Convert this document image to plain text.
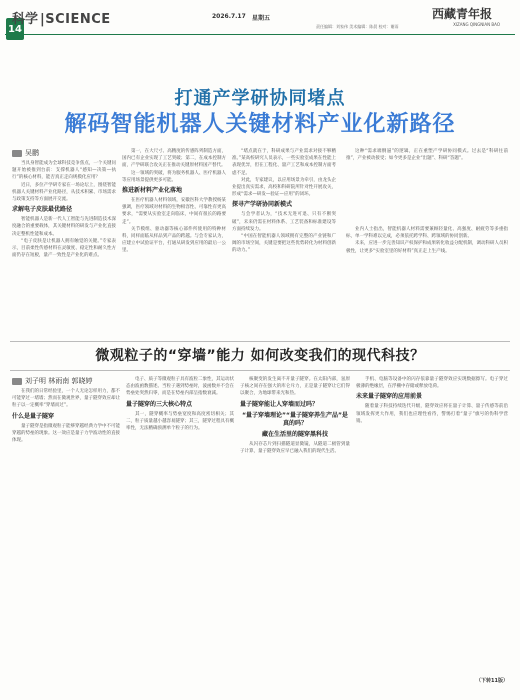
14
科学 |SCIENCE	2026.7.17 星期五	西藏青年报
XIZANG QINGNIAN BAO
责任编辑：刘家伟 美术编辑：陈晨 校对：谢雨
打通产学研协同堵点
解码智能机器人关键材料产业化新路径
吴鹏

当具身智能成为全球科技竞争焦点，一个关键问题开始被推到台前：支撑机器人“感知—决策—执行”的核心材料，能否真正走向规模化应用？

近日，多位产学研专家在一场论坛上，围绕智能机器人关键材料产业化路径，从技术积累、市场需求与政策支持等方面展开交流。

求解电子皮肤最优路径

智能机器人是新一代人工智能与先进制造技术深度融合的重要载体，其关键材料的研发与产业化直接决定整机性能和成本。

“电子皮肤是让机器人拥有触觉的关键。”专家表示，目前柔性传感材料在灵敏度、稳定性和耐久性方面仍存在短板，量产一致性是产业化的难点。

第一，在大尺寸、高精度的传感阵列制造方面，国内已有企业实现了工艺突破；第二，在成本控制方面，产学研联合攻关正在推动关键原材料国产替代。

这一领域的突破，将为服务机器人、医疗机器人等应用场景提供更多可能。

推进新材料产业化落地

在医疗机器人材料领域，安徽医科大学教授杨某强调，医疗领域对材料的生物相容性、可靠性有更高要求，“需要从实验室走向临床，中间有很长的路要走”。

关节模组、驱动器等核心部件所使用的特种材料，同样面临从样品到产品的跨越。与会专家认为，应建立中试验证平台，打通从研发到应用的最后一公里。

“堵点就在于，科研成果与产业需求对接不够精准。”某高校研究人员表示，一些实验室成果在性能上表现优异，但在工程化、量产工艺和成本控制方面考虑不足。

对此，专家建议，以应用场景为牵引，由龙头企业提出真实需求，高校和科研院所针对性开展攻关，形成“需求—研发—验证—应用”的闭环。

探寻产学研协同新模式

与会学者认为，“技术无进可退、只有不断突破”，未来仍需在材料体系、工艺装备和标准建设等方面持续发力。

“中国在智能机器人领域拥有完整的产业链和广阔的市场空间，关键是要把这些优势转化为材料创新的动力。”

这种“需求端倒逼”的逻辑，正在重塑产学研协同模式。过去是“科研往前推”，产业被动接受；如今更多是企业“出题”、科研“答题”。

业内人士指出，智能机器人材料需要兼顾轻量化、高强度、耐疲劳等多重指标，单一学科难以完成，必须依托跨学科、跨领域的协同创新。

未来，应进一步完善知识产权保护和成果转化收益分配机制，调动科研人员积极性，让更多“实验室里的好材料”真正走上生产线。

微观粒子的“穿墙”能力 如何改变我们的现代科技？
刘子明 林雨南 郭晓婷

在我们的日常经验里，一个人无论怎样用力，都不可能穿过一堵墙；然而在微观世界，量子隧穿效应却让粒子以一定概率“穿墙而过”。

什么是量子隧穿

量子隧穿是指微观粒子能够穿越经典力学中不可能穿越的势垒的现象。这一效应是量子力学波动性的直接体现。

电子、质子等微观粒子具有波粒二象性，其运动状态由波函数描述。当粒子遇到势垒时，波函数并不会在势垒处突然归零，而是在势垒内部呈指数衰减。

量子隧穿的三大核心特点

其一，隧穿概率与势垒宽度和高度密切相关；其二，粒子质量越小越容易隧穿；其三，隧穿过程具有概率性，无法精确预测单个粒子的行为。

核聚变的发生离不开量子隧穿。在太阳内部，氢原子核之间存在强大的库仑斥力，正是量子隧穿让它们得以聚合，为地球带来光和热。

量子隧穿能让人穿墙而过吗？
“量子穿墙理论”“量子隧穿养生产品”是真的吗？
藏在生活里的隧穿黑科技

从闪存芯片到扫描隧道显微镜，从隧道二极管到量子计算，量子隧穿效应早已融入我们的现代生活。

手机、电脑等设备中的闪存依靠量子隧穿效应实现数据擦写。电子穿过极薄的绝缘层，在浮栅中存储或释放电荷。

未来量子隧穿的应用前景

随着量子科技持续迭代升级，隧穿效应将在量子计算、量子传感等前沿领域发挥更大作用，我们也应理性看待，警惕打着“量子”旗号的伪科学营销。

（下转11版）
